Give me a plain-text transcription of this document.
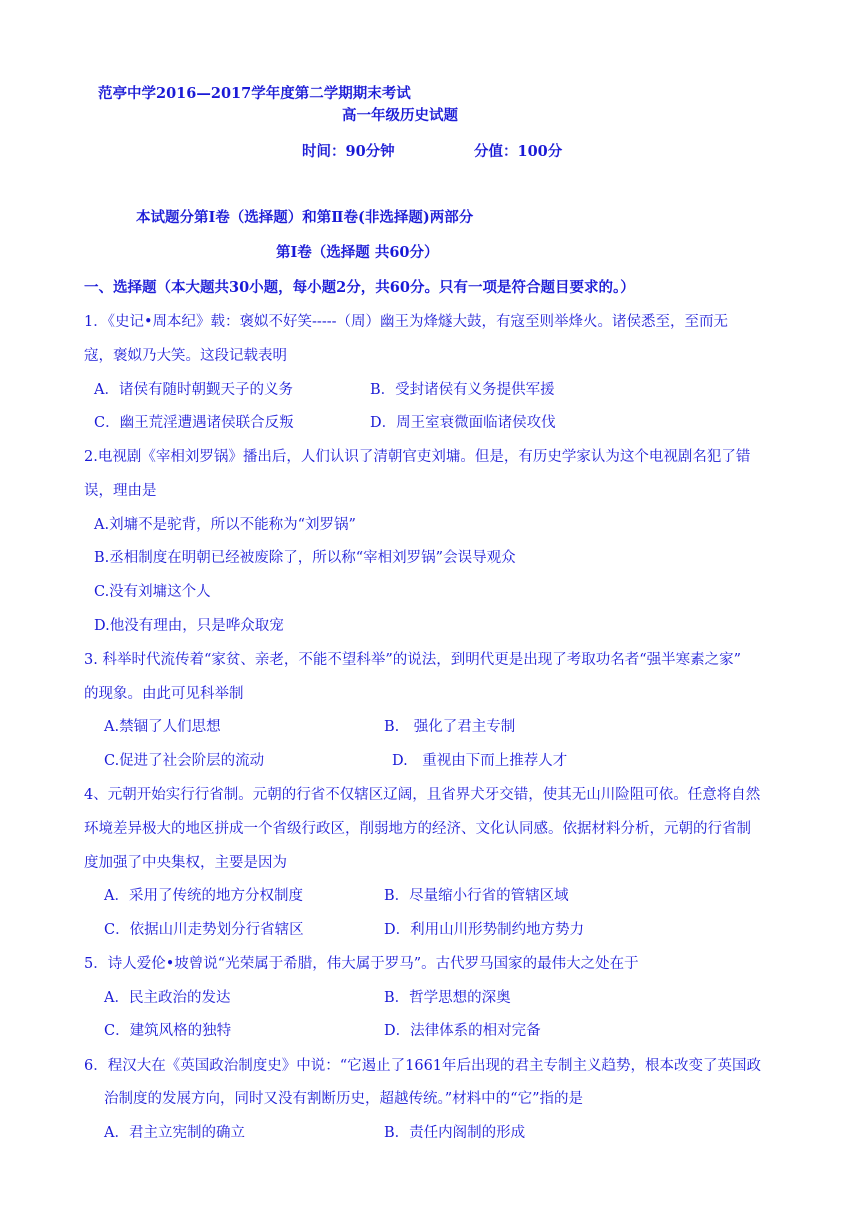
范亭中学2016—2017学年度第二学期期末考试
高一年级历史试题
时间：90分钟	分值：100分
本试题分第Ⅰ卷（选择题）和第Ⅱ卷(非选择题)两部分
第Ⅰ卷（选择题 共60分）
一、选择题（本大题共30小题，每小题2分，共60分。只有一项是符合题目要求的。）
1．《史记•周本纪》载：褒姒不好笑-----（周）幽王为烽燧大鼓，有寇至则举烽火。诸侯悉至，至而无
寇，褒姒乃大笑。这段记载表明
A．诸侯有随时朝觐天子的义务	B．受封诸侯有义务提供军援
C．幽王荒淫遭遇诸侯联合反叛	D．周王室衰微面临诸侯攻伐
2.电视剧《宰相刘罗锅》播出后，人们认识了清朝官吏刘墉。但是，有历史学家认为这个电视剧名犯了错
误，理由是
A.刘墉不是驼背，所以不能称为“刘罗锅”
B.丞相制度在明朝已经被废除了，所以称“宰相刘罗锅”会误导观众
C.没有刘墉这个人
D.他没有理由，只是哗众取宠
3. 科举时代流传着“家贫、亲老，不能不望科举”的说法，到明代更是出现了考取功名者“强半寒素之家”
的现象。由此可见科举制
A.禁锢了人们思想	B.　强化了君主专制
C.促进了社会阶层的流动	D.　重视由下而上推荐人才
4、元朝开始实行行省制。元朝的行省不仅辖区辽阔，且省界犬牙交错，使其无山川险阻可依。任意将自然
环境差异极大的地区拼成一个省级行政区，削弱地方的经济、文化认同感。依据材料分析，元朝的行省制
度加强了中央集权，主要是因为
A．采用了传统的地方分权制度	B．尽量缩小行省的管辖区域
C．依据山川走势划分行省辖区	D．利用山川形势制约地方势力
5．诗人爱伦•坡曾说“光荣属于希腊，伟大属于罗马”。古代罗马国家的最伟大之处在于
A．民主政治的发达	B．哲学思想的深奥
C．建筑风格的独特	D．法律体系的相对完备
6．程汉大在《英国政治制度史》中说：“它遏止了1661年后出现的君主专制主义趋势，根本改变了英国政
治制度的发展方向，同时又没有割断历史，超越传统。”材料中的“它”指的是
A．君主立宪制的确立	B．责任内阁制的形成
